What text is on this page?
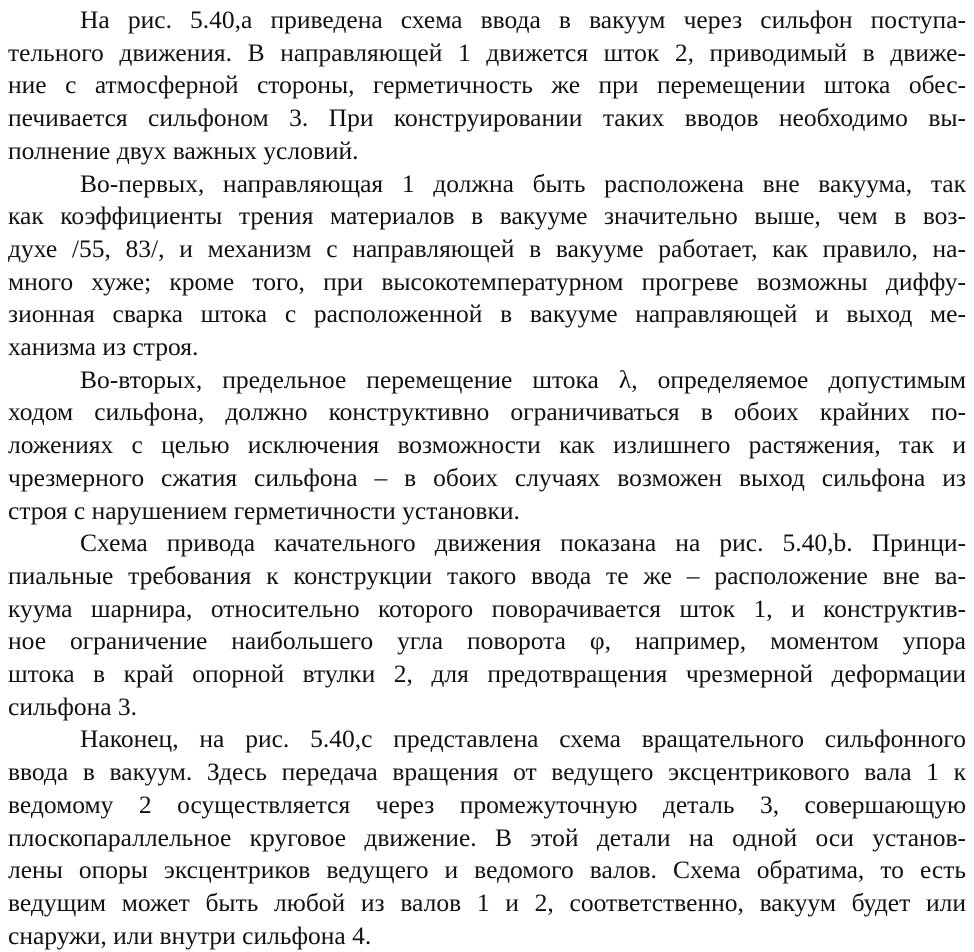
На рис. 5.40,a приведена схема ввода в вакуум через сильфон поступа-
тельного движения. В направляющей 1 движется шток 2, приводимый в движе-
ние с атмосферной стороны, герметичность же при перемещении штока обес-
печивается сильфоном 3. При конструировании таких вводов необходимо вы-
полнение двух важных условий.
Во-первых, направляющая 1 должна быть расположена вне вакуума, так
как коэффициенты трения материалов в вакууме значительно выше, чем в воз-
духе /55, 83/, и механизм с направляющей в вакууме работает, как правило, на-
много хуже; кроме того, при высокотемпературном прогреве возможны диффу-
зионная сварка штока с расположенной в вакууме направляющей и выход ме-
ханизма из строя.
Во-вторых, предельное перемещение штока λ, определяемое допустимым
ходом сильфона, должно конструктивно ограничиваться в обоих крайних по-
ложениях с целью исключения возможности как излишнего растяжения, так и
чрезмерного сжатия сильфона – в обоих случаях возможен выход сильфона из
строя с нарушением герметичности установки.
Схема привода качательного движения показана на рис. 5.40,b. Принци-
пиальные требования к конструкции такого ввода те же – расположение вне ва-
куума шарнира, относительно которого поворачивается шток 1, и конструктив-
ное ограничение наибольшего угла поворота φ, например, моментом упора
штока в край опорной втулки 2, для предотвращения чрезмерной деформации
сильфона 3.
Наконец, на рис. 5.40,c представлена схема вращательного сильфонного
ввода в вакуум. Здесь передача вращения от ведущего эксцентрикового вала 1 к
ведомому 2 осуществляется через промежуточную деталь 3, совершающую
плоскопараллельное круговое движение. В этой детали на одной оси установ-
лены опоры эксцентриков ведущего и ведомого валов. Схема обратима, то есть
ведущим может быть любой из валов 1 и 2, соответственно, вакуум будет или
снаружи, или внутри сильфона 4.
